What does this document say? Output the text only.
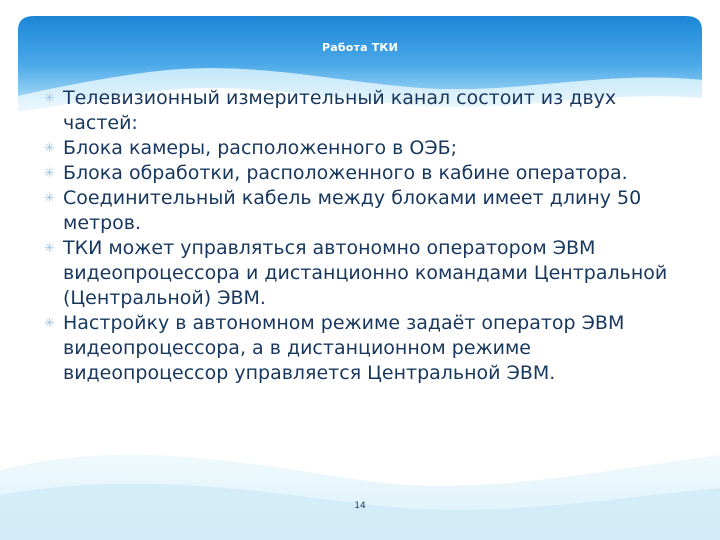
Работа ТКИ
✳ Телевизионный измерительный канал состоит из двух частей:
✳ Блока камеры, расположенного в ОЭБ;
✳ Блока обработки, расположенного в кабине оператора.
✳ Соединительный кабель между блоками имеет длину 50 метров.
✳ ТКИ может управляться автономно оператором ЭВМ видеопроцессора и дистанционно командами Центральной (Центральной) ЭВМ.
✳ Настройку в автономном режиме задаёт оператор ЭВМ видеопроцессора, а в дистанционном режиме видеопроцессор управляется Центральной ЭВМ.
14
